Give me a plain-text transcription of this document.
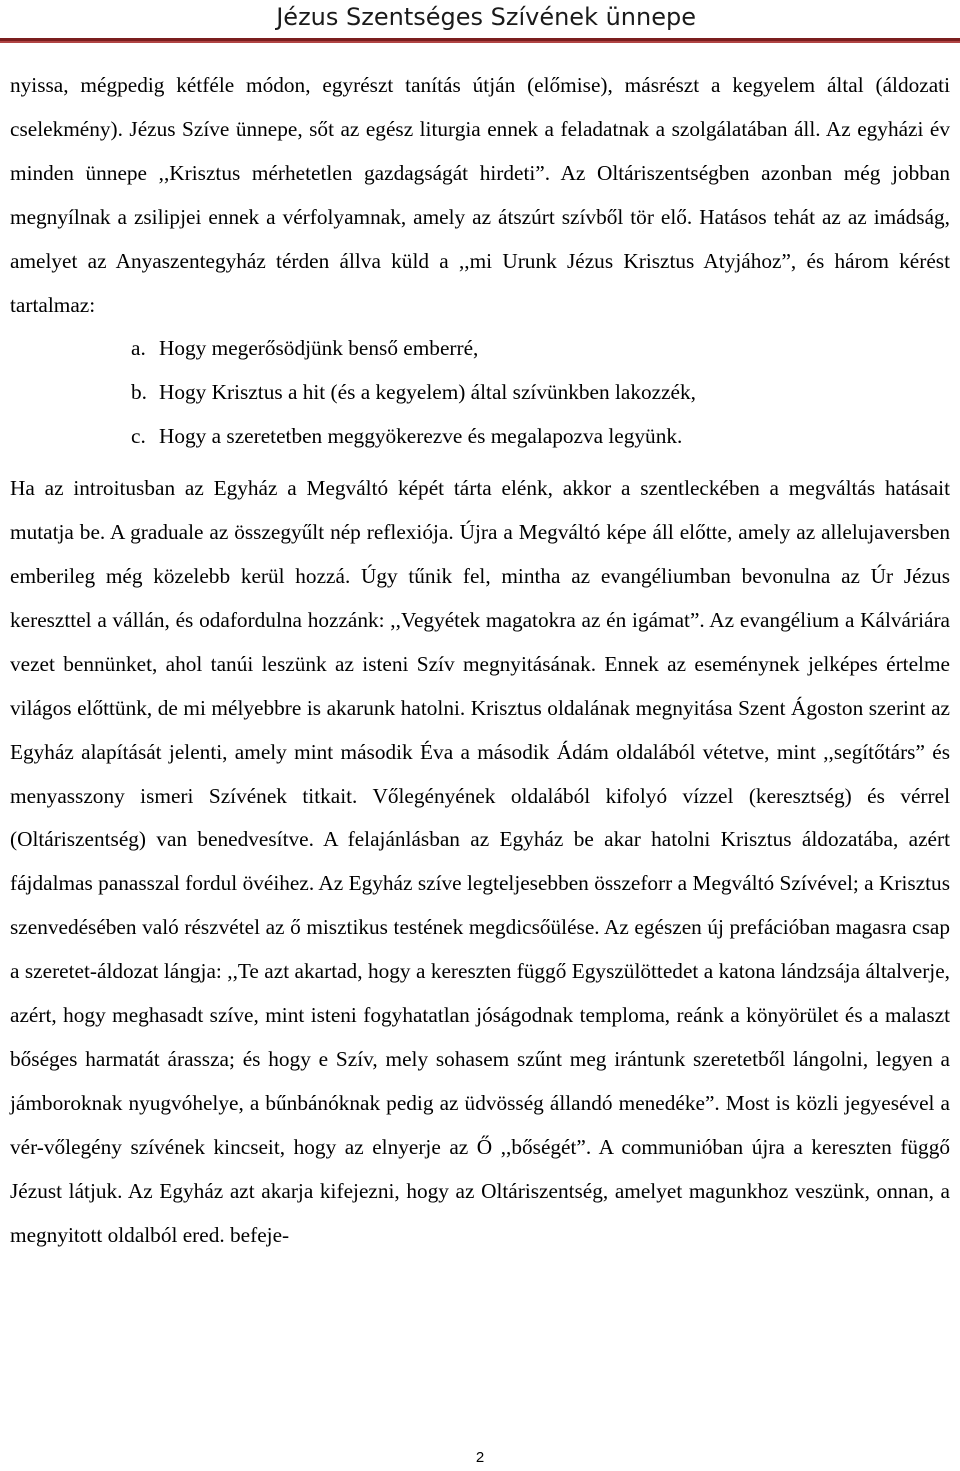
Jézus Szentséges Szívének ünnepe

nyissa, mégpedig kétféle módon, egyrészt tanítás útján (előmise), másrészt a kegyelem által (áldozati cselekmény). Jézus Szíve ünnepe, sőt az egész liturgia ennek a feladatnak a szolgálatában áll. Az egyházi év minden ünnepe ,,Krisztus mérhetetlen gazdagságát hirdeti”. Az Oltáriszentségben azonban még jobban megnyílnak a zsilipjei ennek a vérfolyamnak, amely az átszúrt szívből tör elő. Hatásos tehát az az imádság, amelyet az Anyaszentegyház térden állva küld a ,,mi Urunk Jézus Krisztus Atyjához”, és három kérést tartalmaz:

a. Hogy megerősödjünk benső emberré,
b. Hogy Krisztus a hit (és a kegyelem) által szívünkben lakozzék,
c. Hogy a szeretetben meggyökerezve és megalapozva legyünk.

Ha az introitusban az Egyház a Megváltó képét tárta elénk, akkor a szentleckében a megváltás hatásait mutatja be. A graduale az összegyűlt nép reflexiója. Újra a Megváltó képe áll előtte, amely az allelujaversben emberileg még közelebb kerül hozzá. Úgy tűnik fel, mintha az evangéliumban bevonulna az Úr Jézus kereszttel a vállán, és odafordulna hozzánk: ,,Vegyétek magatokra az én igámat”. Az evangélium a Kálváriára vezet bennünket, ahol tanúi leszünk az isteni Szív megnyitásának. Ennek az eseménynek jelképes értelme világos előttünk, de mi mélyebbre is akarunk hatolni. Krisztus oldalának megnyitása Szent Ágoston szerint az Egyház alapítását jelenti, amely mint második Éva a második Ádám oldalából vétetve, mint ,,segítőtárs” és menyasszony ismeri Szívének titkait. Vőlegényének oldalából kifolyó vízzel (keresztség) és vérrel (Oltáriszentség) van benedvesítve. A felajánlásban az Egyház be akar hatolni Krisztus áldozatába, azért fájdalmas panasszal fordul övéihez. Az Egyház szíve legteljesebben összeforr a Megváltó Szívével; a Krisztus szenvedésében való részvétel az ő misztikus testének megdicsőülése. Az egészen új prefációban magasra csap a szeretet-áldozat lángja: ,,Te azt akartad, hogy a kereszten függő Egyszülöttedet a katona lándzsája általverje, azért, hogy meghasadt szíve, mint isteni fogyhatatlan jóságodnak temploma, reánk a könyörület és a malaszt bőséges harmatát árassza; és hogy e Szív, mely sohasem szűnt meg irántunk szeretetből lángolni, legyen a jámboroknak nyugvóhelye, a bűnbánóknak pedig az üdvösség állandó menedéke”. Most is közli jegyesével a vér-vőlegény szívének kincseit, hogy az elnyerje az Ő ,,bőségét”. A communióban újra a kereszten függő Jézust látjuk. Az Egyház azt akarja kifejezni, hogy az Oltáriszentség, amelyet magunkhoz veszünk, onnan, a megnyitott oldalból ered. befeje-

2
